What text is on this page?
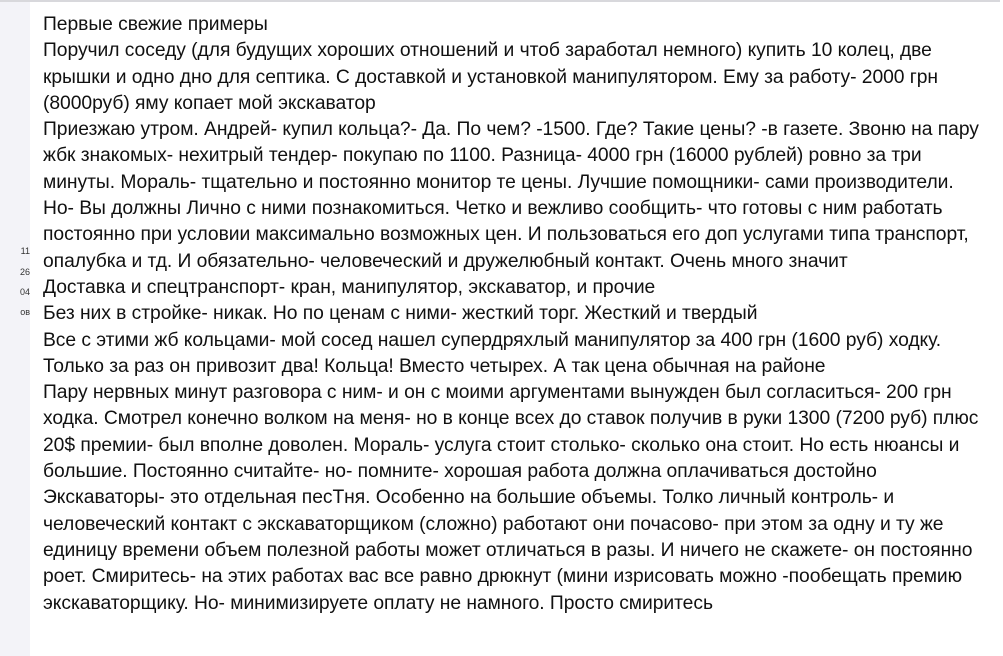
11
26
04
ов
Первые свежие примеры
Поручил соседу (для будущих хороших отношений и чтоб заработал немного) купить 10 колец, две
крышки и одно дно для септика. С доставкой и установкой манипулятором. Ему за работу- 2000 грн
(8000руб) яму копает мой экскаватор
Приезжаю утром. Андрей- купил кольца?- Да. По чем? -1500. Где? Такие цены? -в газете. Звоню на пару
жбк знакомых- нехитрый тендер- покупаю по 1100. Разница- 4000 грн (16000 рублей) ровно за три
минуты. Мораль- тщательно и постоянно монитор те цены. Лучшие помощники- сами производители.
Но- Вы должны Лично с ними познакомиться. Четко и вежливо сообщить- что готовы с ним работать
постоянно при условии максимально возможных цен. И пользоваться его доп услугами типа транспорт,
опалубка и тд. И обязательно- человеческий и дружелюбный контакт. Очень много значит
Доставка и спецтранспорт- кран, манипулятор, экскаватор, и прочие
Без них в стройке- никак. Но по ценам с ними- жесткий торг. Жесткий и твердый
Все с этими жб кольцами- мой сосед нашел супердряхлый манипулятор за 400 грн (1600 руб) ходку.
Только за раз он привозит два! Кольца! Вместо четырех. А так цена обычная на районе
Пару нервных минут разговора с ним- и он с моими аргументами вынужден был согласиться- 200 грн
ходка. Смотрел конечно волком на меня- но в конце всех до ставок получив в руки 1300 (7200 руб) плюс
20$ премии- был вполне доволен. Мораль- услуга стоит столько- сколько она стоит. Но есть нюансы и
большие. Постоянно считайте- но- помните- хорошая работа должна оплачиваться достойно
Экскаваторы- это отдельная песТня. Особенно на большие объемы. Толко личный контроль- и
человеческий контакт с экскаваторщиком (сложно) работают они почасово- при этом за одну и ту же
единицу времени объем полезной работы может отличаться в разы. И ничего не скажете- он постоянно
роет. Смиритесь- на этих работах вас все равно дрюкнут (мини изрисовать можно -пообещать премию
экскаваторщику. Но- минимизируете оплату не намного. Просто смиритесь
